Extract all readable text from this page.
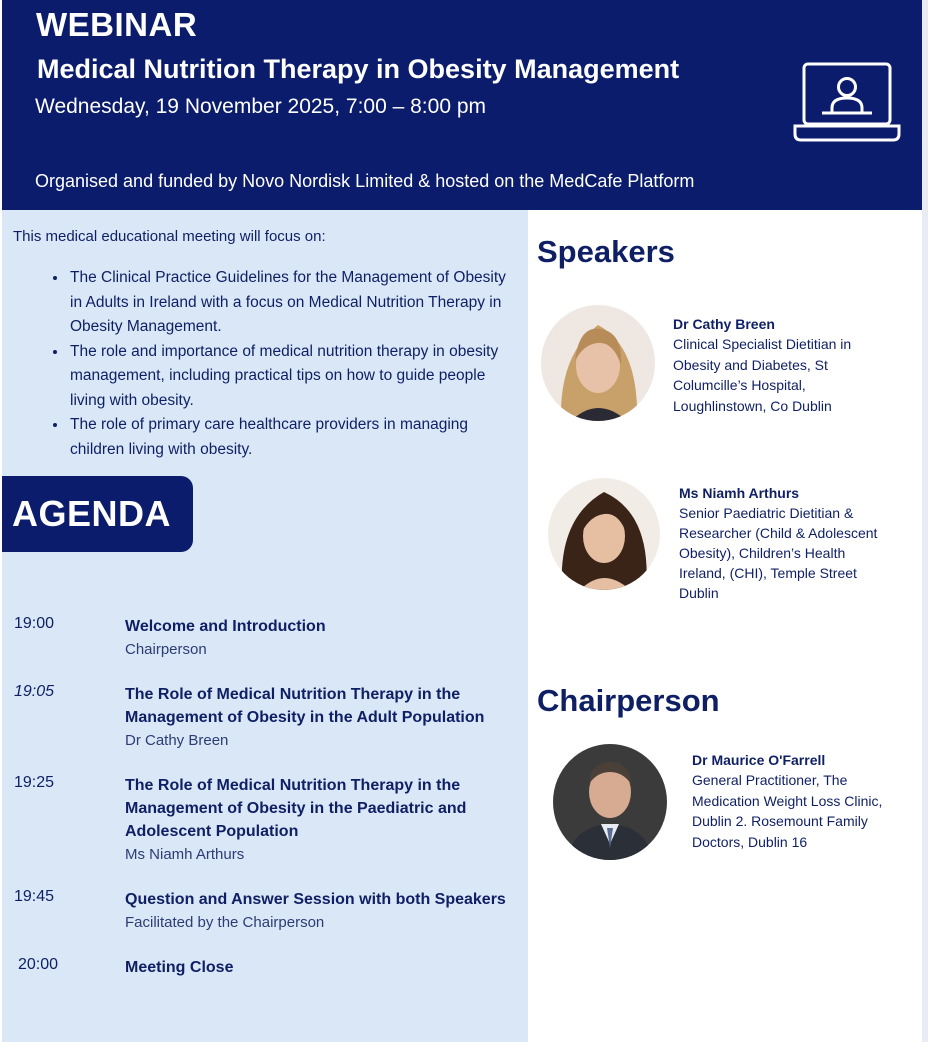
WEBINAR
Medical Nutrition Therapy in Obesity Management
Wednesday, 19 November 2025, 7:00 – 8:00 pm
Organised and funded by Novo Nordisk Limited & hosted on the MedCafe Platform
This medical educational meeting will focus on:
• The Clinical Practice Guidelines for the Management of Obesity in Adults in Ireland with a focus on Medical Nutrition Therapy in Obesity Management.
• The role and importance of medical nutrition therapy in obesity management, including practical tips on how to guide people living with obesity.
• The role of primary care healthcare providers in managing children living with obesity.
AGENDA
19:00	Welcome and Introduction
Chairperson
19:05	The Role of Medical Nutrition Therapy in the Management of Obesity in the Adult Population
Dr Cathy Breen
19:25	The Role of Medical Nutrition Therapy in the Management of Obesity in the Paediatric and Adolescent Population
Ms Niamh Arthurs
19:45	Question and Answer Session with both Speakers
Facilitated by the Chairperson
20:00	Meeting Close
Speakers
Dr Cathy Breen
Clinical Specialist Dietitian in Obesity and Diabetes, St Columcille’s Hospital, Loughlinstown, Co Dublin
Ms Niamh Arthurs
Senior Paediatric Dietitian & Researcher (Child & Adolescent Obesity), Children’s Health Ireland, (CHI), Temple Street Dublin
Chairperson
Dr Maurice O'Farrell
General Practitioner, The Medication Weight Loss Clinic, Dublin 2. Rosemount Family Doctors, Dublin 16
